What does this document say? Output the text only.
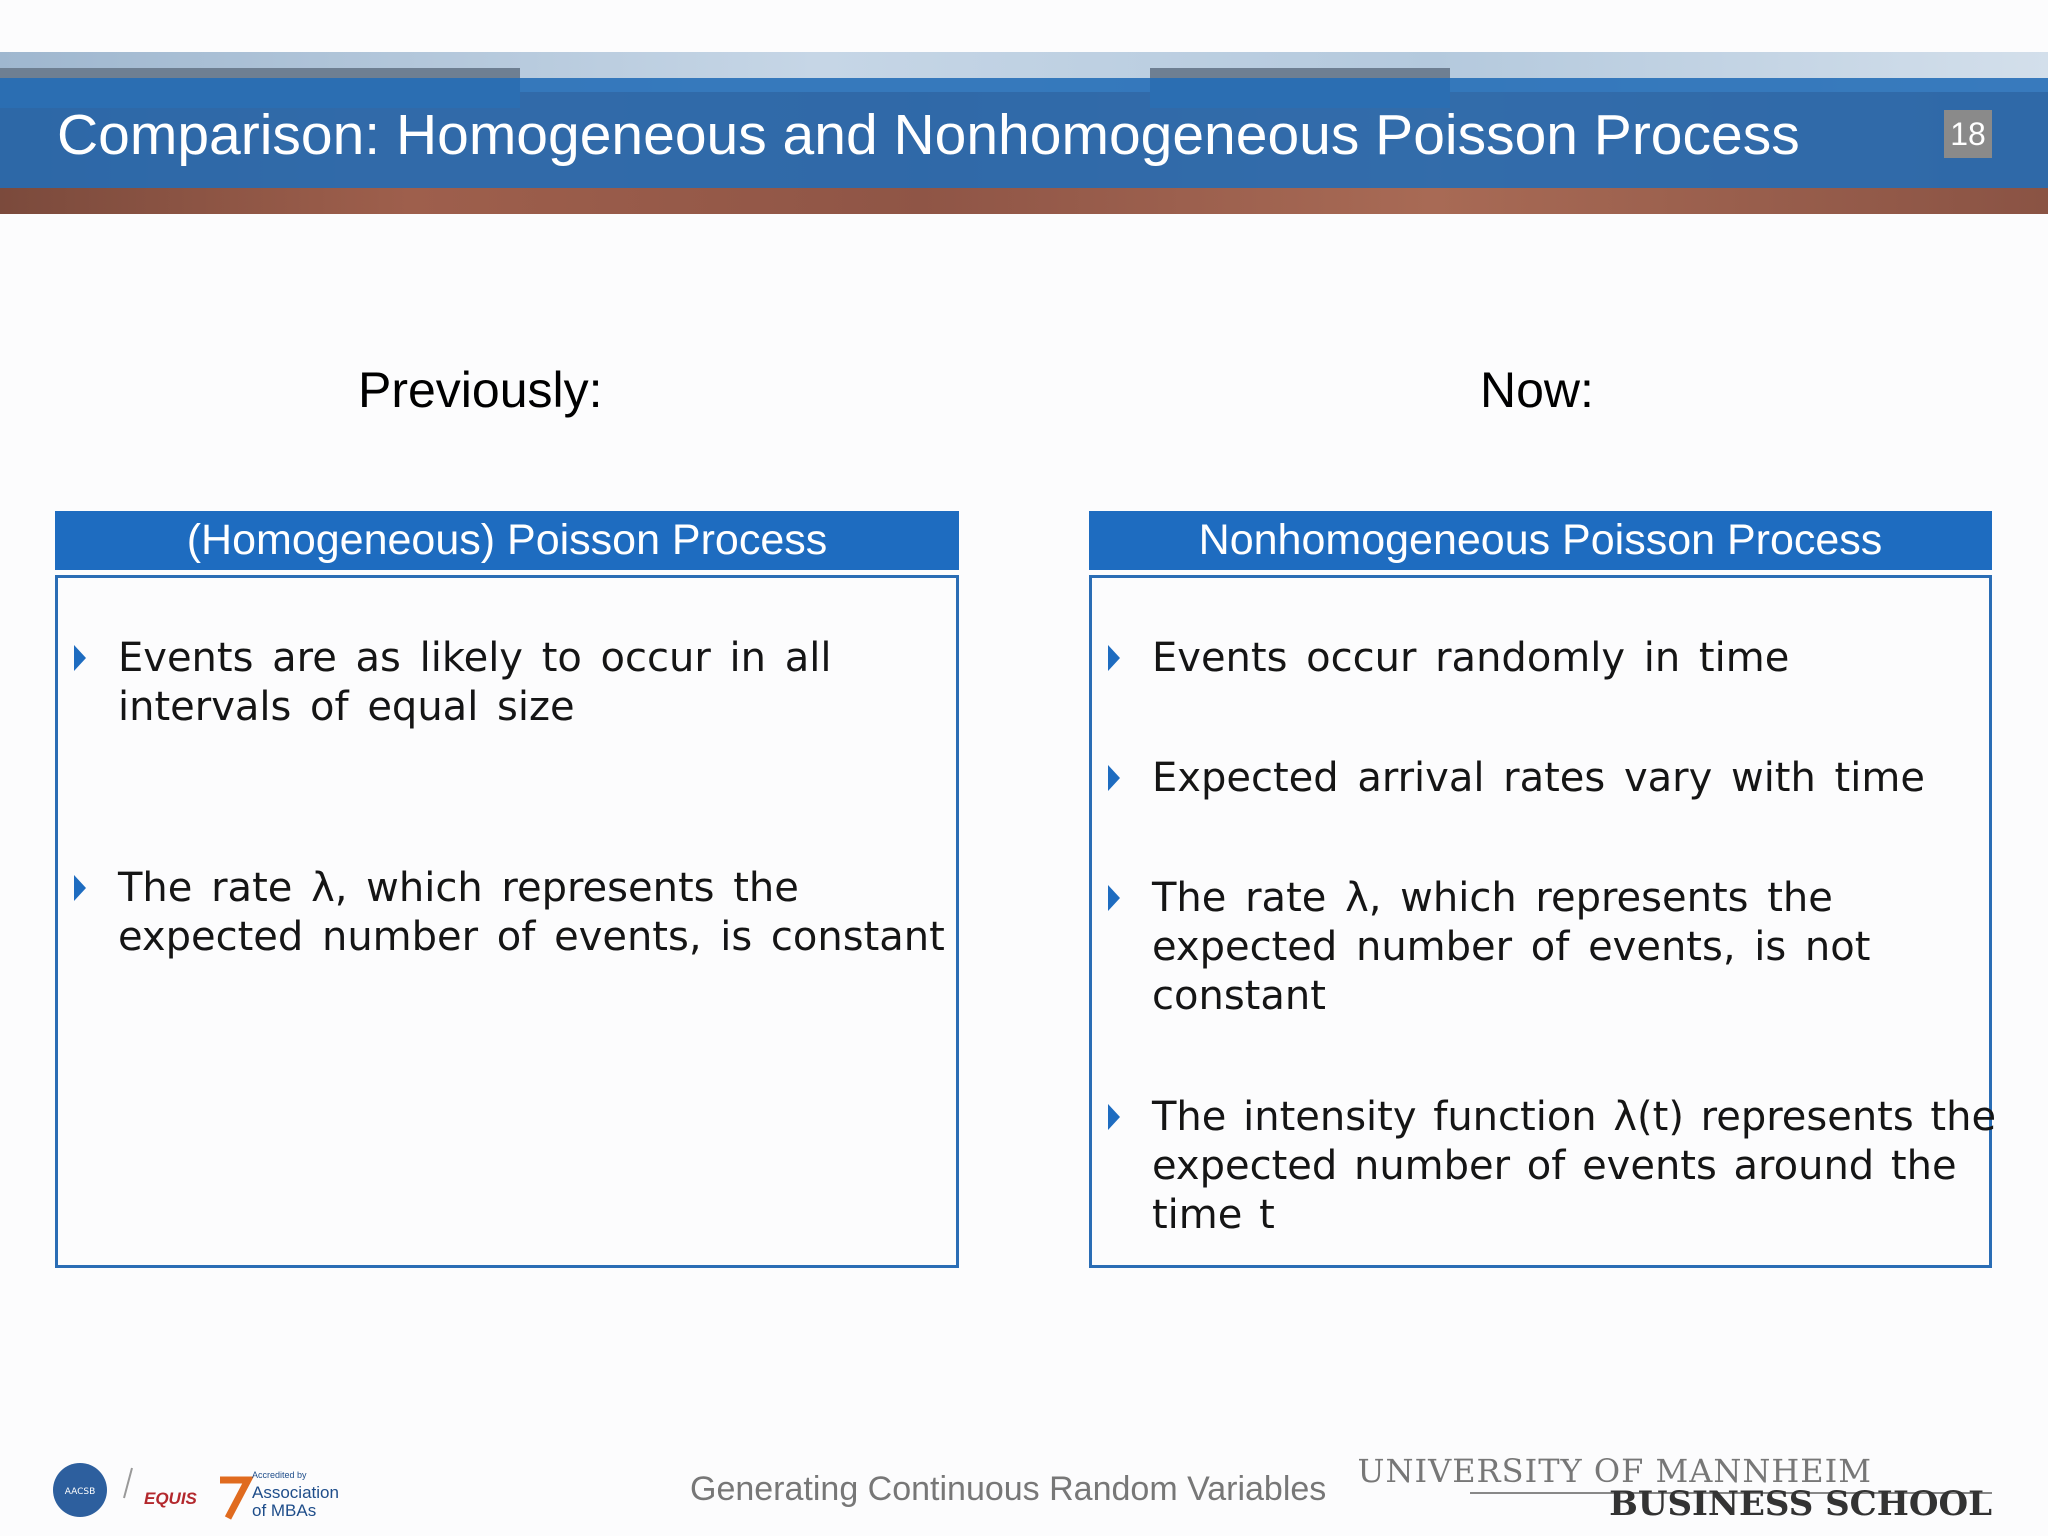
Comparison: Homogeneous and Nonhomogeneous Poisson Process	18
Previously:	Now:
(Homogeneous) Poisson Process
Events are as likely to occur in all
intervals of equal size
The rate λ, which represents the
expected number of events, is constant
Nonhomogeneous Poisson Process
Events occur randomly in time
Expected arrival rates vary with time
The rate λ, which represents the
expected number of events, is not
constant
The intensity function λ(t) represents the
expected number of events around the
time t
AACSB	EQUIS
Accredited by
Association
of MBAs
Generating Continuous Random Variables UNIVERSITY OF MANNHEIM
BUSINESS SCHOOL
